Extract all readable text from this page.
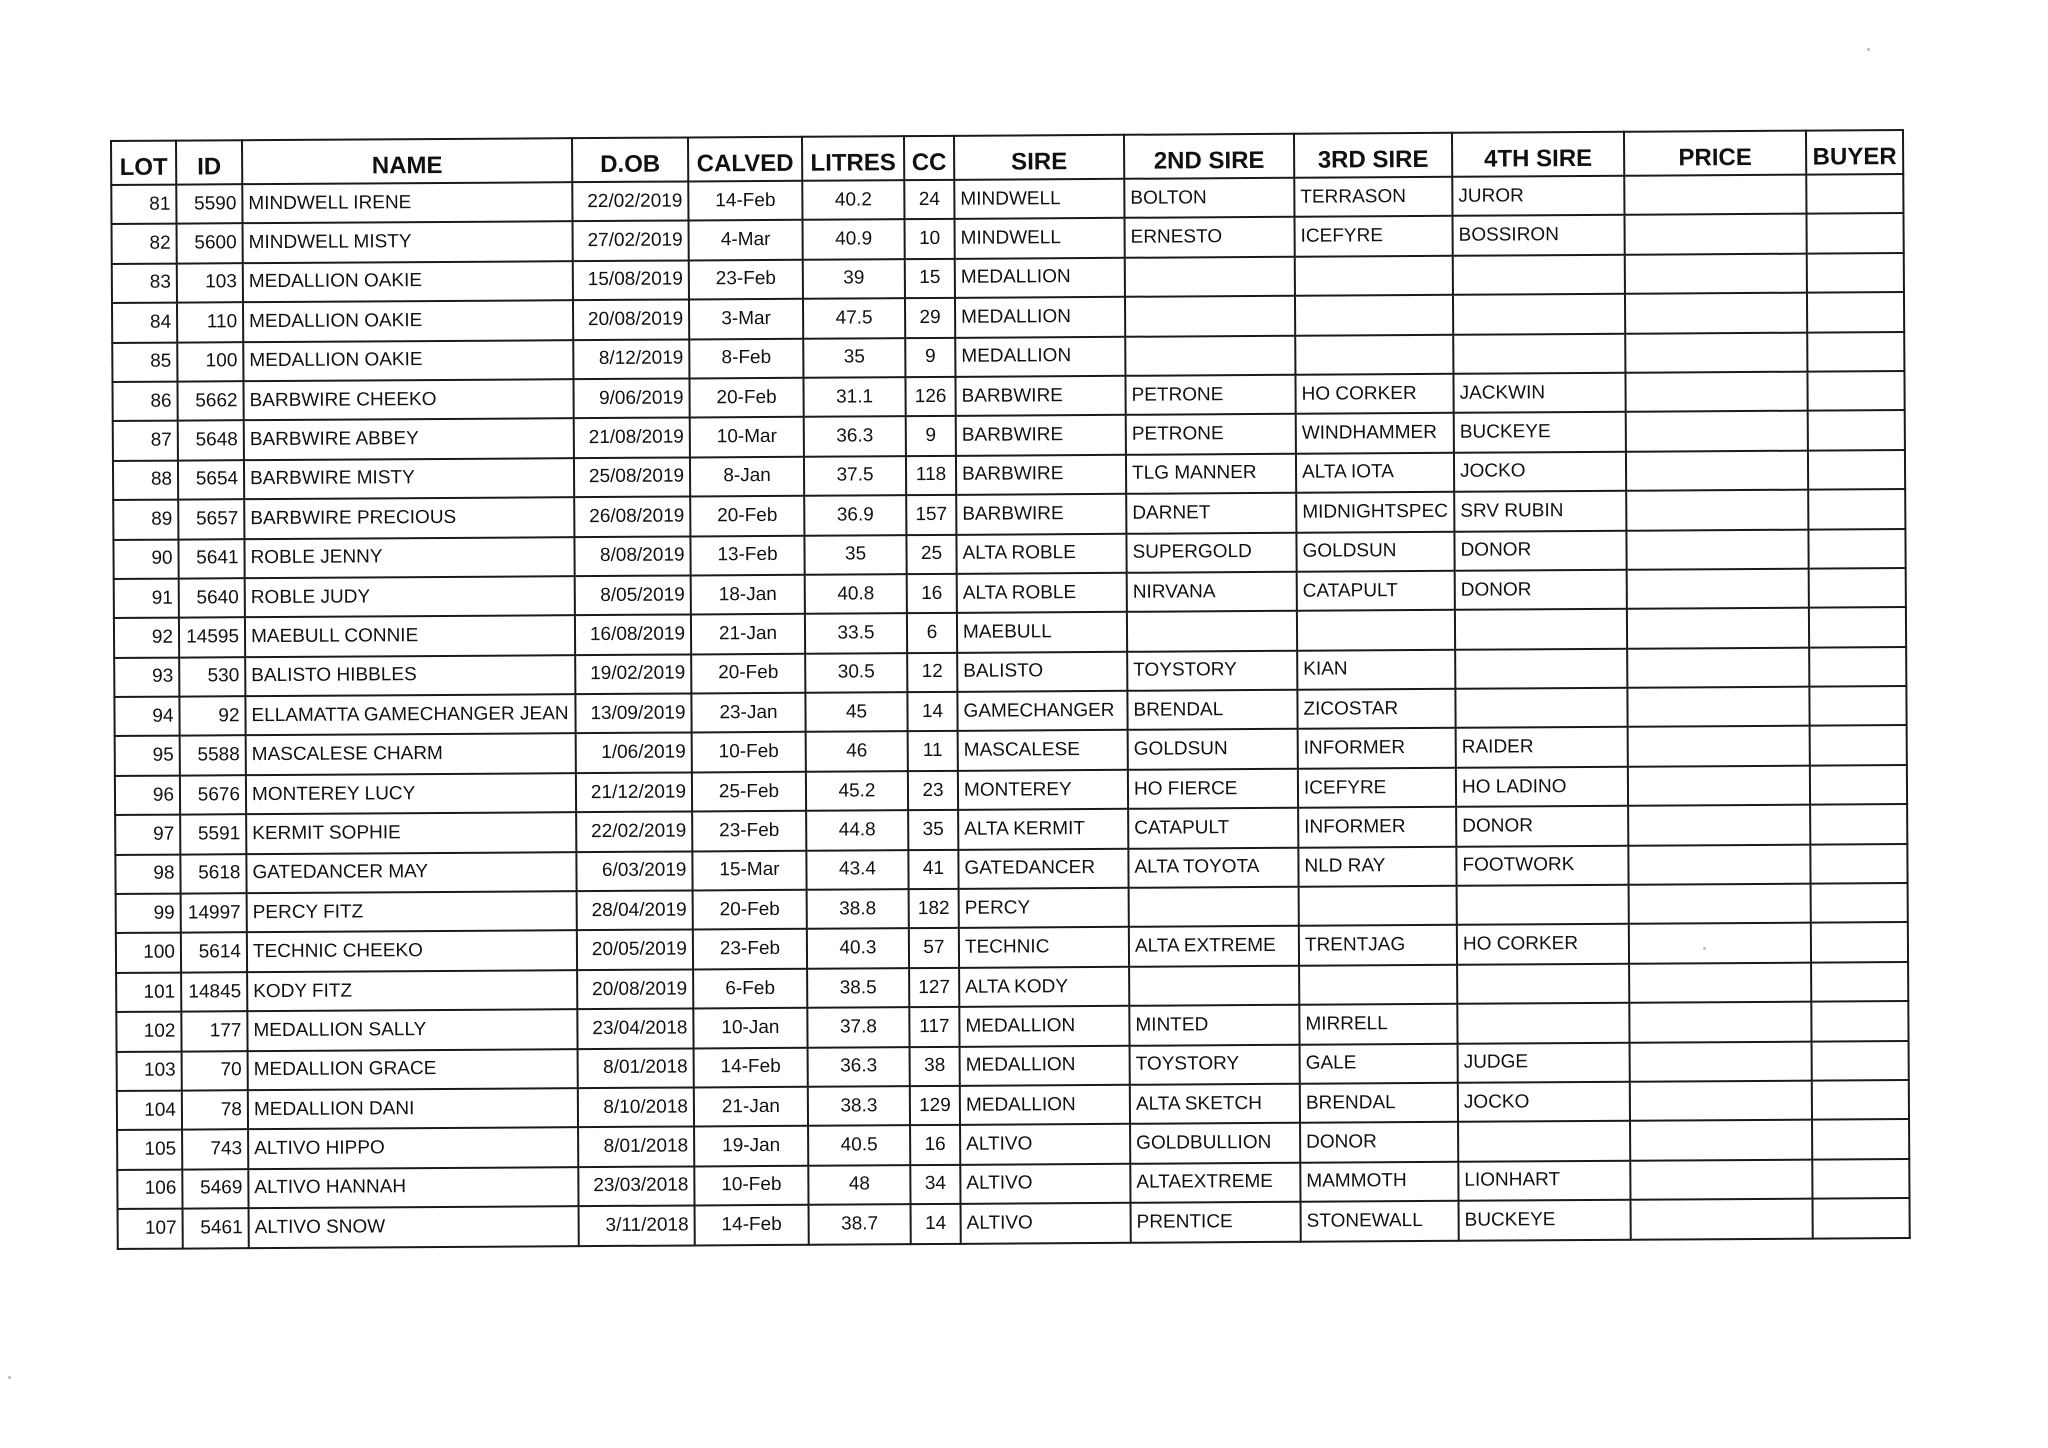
LOT	ID	NAME	D.OB	CALVED	LITRES	CC	SIRE	2ND SIRE	3RD SIRE	4TH SIRE	PRICE	BUYER
81	5590	MINDWELL IRENE	22/02/2019	14-Feb	40.2	24	MINDWELL	BOLTON	TERRASON	JUROR		
82	5600	MINDWELL MISTY	27/02/2019	4-Mar	40.9	10	MINDWELL	ERNESTO	ICEFYRE	BOSSIRON		
83	103	MEDALLION OAKIE	15/08/2019	23-Feb	39	15	MEDALLION					
84	110	MEDALLION OAKIE	20/08/2019	3-Mar	47.5	29	MEDALLION					
85	100	MEDALLION OAKIE	8/12/2019	8-Feb	35	9	MEDALLION					
86	5662	BARBWIRE CHEEKO	9/06/2019	20-Feb	31.1	126	BARBWIRE	PETRONE	HO CORKER	JACKWIN		
87	5648	BARBWIRE ABBEY	21/08/2019	10-Mar	36.3	9	BARBWIRE	PETRONE	WINDHAMMER	BUCKEYE		
88	5654	BARBWIRE MISTY	25/08/2019	8-Jan	37.5	118	BARBWIRE	TLG MANNER	ALTA IOTA	JOCKO		
89	5657	BARBWIRE PRECIOUS	26/08/2019	20-Feb	36.9	157	BARBWIRE	DARNET	MIDNIGHTSPEC	SRV RUBIN		
90	5641	ROBLE JENNY	8/08/2019	13-Feb	35	25	ALTA ROBLE	SUPERGOLD	GOLDSUN	DONOR		
91	5640	ROBLE JUDY	8/05/2019	18-Jan	40.8	16	ALTA ROBLE	NIRVANA	CATAPULT	DONOR		
92	14595	MAEBULL CONNIE	16/08/2019	21-Jan	33.5	6	MAEBULL					
93	530	BALISTO HIBBLES	19/02/2019	20-Feb	30.5	12	BALISTO	TOYSTORY	KIAN			
94	92	ELLAMATTA GAMECHANGER JEAN	13/09/2019	23-Jan	45	14	GAMECHANGER	BRENDAL	ZICOSTAR			
95	5588	MASCALESE CHARM	1/06/2019	10-Feb	46	11	MASCALESE	GOLDSUN	INFORMER	RAIDER		
96	5676	MONTEREY LUCY	21/12/2019	25-Feb	45.2	23	MONTEREY	HO FIERCE	ICEFYRE	HO LADINO		
97	5591	KERMIT SOPHIE	22/02/2019	23-Feb	44.8	35	ALTA KERMIT	CATAPULT	INFORMER	DONOR		
98	5618	GATEDANCER MAY	6/03/2019	15-Mar	43.4	41	GATEDANCER	ALTA TOYOTA	NLD RAY	FOOTWORK		
99	14997	PERCY FITZ	28/04/2019	20-Feb	38.8	182	PERCY					
100	5614	TECHNIC CHEEKO	20/05/2019	23-Feb	40.3	57	TECHNIC	ALTA EXTREME	TRENTJAG	HO CORKER		
101	14845	KODY FITZ	20/08/2019	6-Feb	38.5	127	ALTA KODY					
102	177	MEDALLION SALLY	23/04/2018	10-Jan	37.8	117	MEDALLION	MINTED	MIRRELL			
103	70	MEDALLION GRACE	8/01/2018	14-Feb	36.3	38	MEDALLION	TOYSTORY	GALE	JUDGE		
104	78	MEDALLION DANI	8/10/2018	21-Jan	38.3	129	MEDALLION	ALTA SKETCH	BRENDAL	JOCKO		
105	743	ALTIVO HIPPO	8/01/2018	19-Jan	40.5	16	ALTIVO	GOLDBULLION	DONOR			
106	5469	ALTIVO HANNAH	23/03/2018	10-Feb	48	34	ALTIVO	ALTAEXTREME	MAMMOTH	LIONHART		
107	5461	ALTIVO SNOW	3/11/2018	14-Feb	38.7	14	ALTIVO	PRENTICE	STONEWALL	BUCKEYE		
